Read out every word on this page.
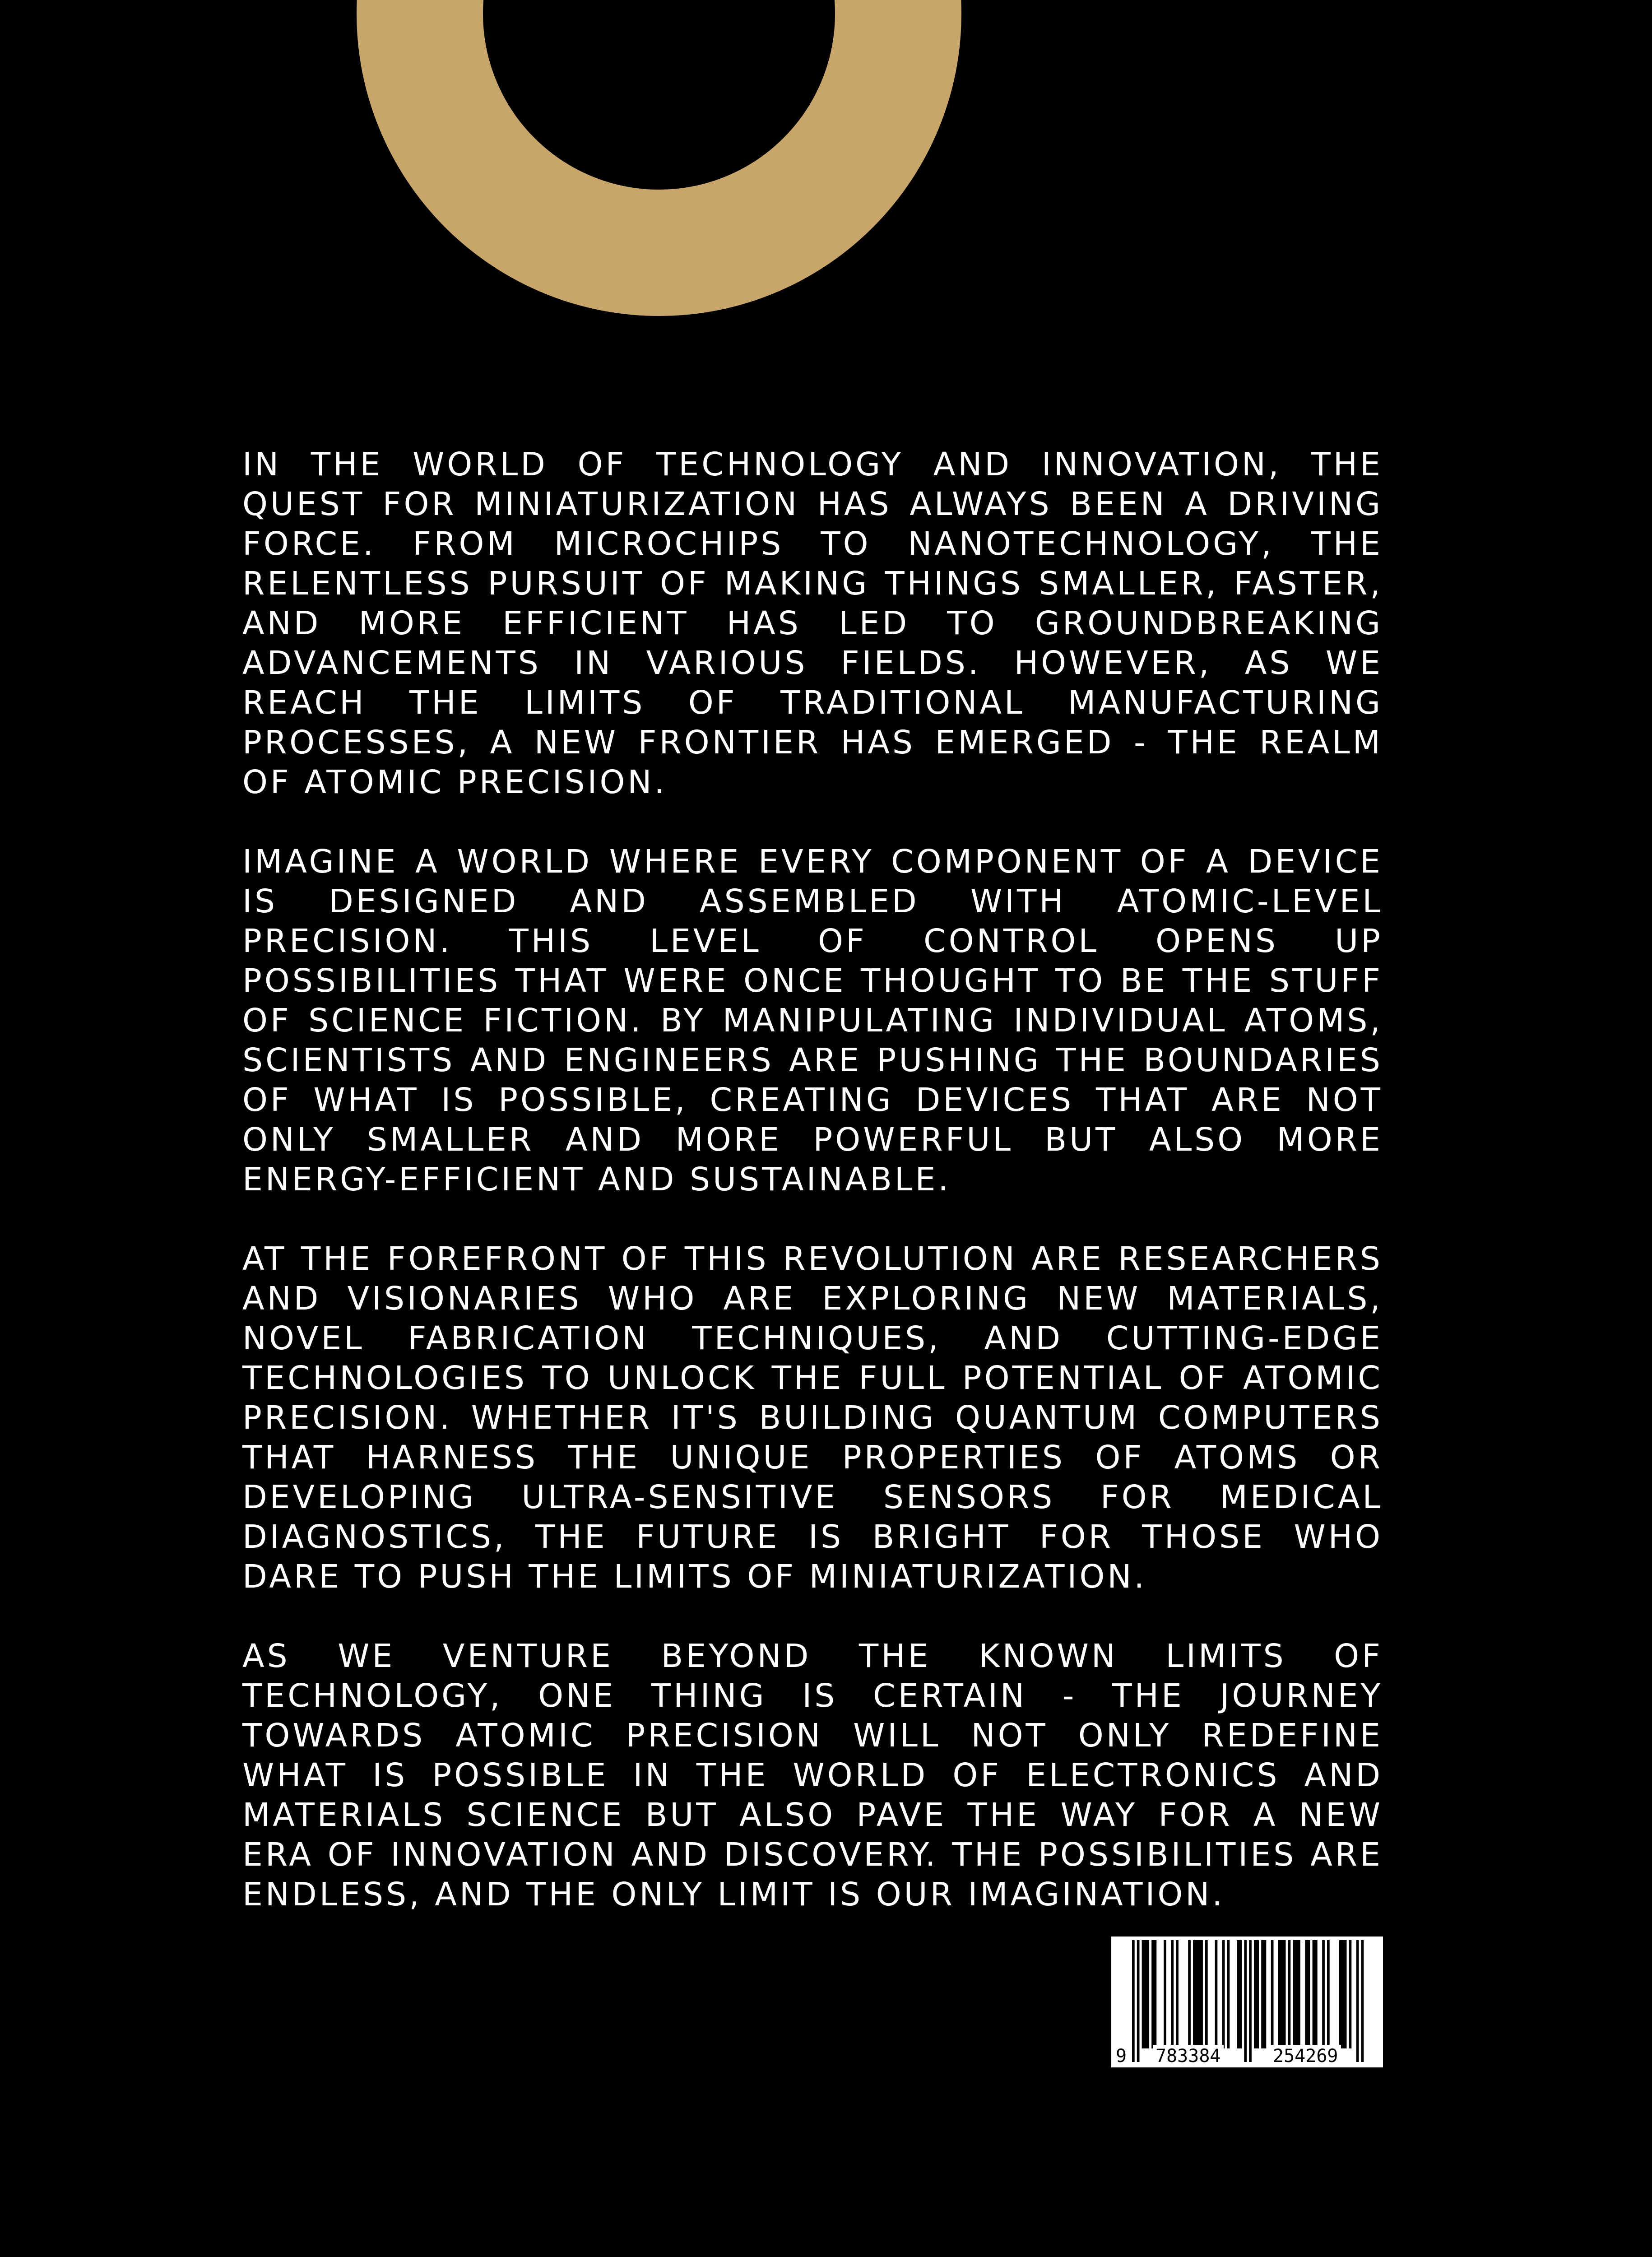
IN THE WORLD OF TECHNOLOGY AND INNOVATION, THE QUEST FOR MINIATURIZATION HAS ALWAYS BEEN A DRIVING FORCE. FROM MICROCHIPS TO NANOTECHNOLOGY, THE RELENTLESS PURSUIT OF MAKING THINGS SMALLER, FASTER, AND MORE EFFICIENT HAS LED TO GROUNDBREAKING ADVANCEMENTS IN VARIOUS FIELDS. HOWEVER, AS WE REACH THE LIMITS OF TRADITIONAL MANUFACTURING PROCESSES, A NEW FRONTIER HAS EMERGED - THE REALM OF ATOMIC PRECISION.

IMAGINE A WORLD WHERE EVERY COMPONENT OF A DEVICE IS DESIGNED AND ASSEMBLED WITH ATOMIC-LEVEL PRECISION. THIS LEVEL OF CONTROL OPENS UP POSSIBILITIES THAT WERE ONCE THOUGHT TO BE THE STUFF OF SCIENCE FICTION. BY MANIPULATING INDIVIDUAL ATOMS, SCIENTISTS AND ENGINEERS ARE PUSHING THE BOUNDARIES OF WHAT IS POSSIBLE, CREATING DEVICES THAT ARE NOT ONLY SMALLER AND MORE POWERFUL BUT ALSO MORE ENERGY-EFFICIENT AND SUSTAINABLE.

AT THE FOREFRONT OF THIS REVOLUTION ARE RESEARCHERS AND VISIONARIES WHO ARE EXPLORING NEW MATERIALS, NOVEL FABRICATION TECHNIQUES, AND CUTTING-EDGE TECHNOLOGIES TO UNLOCK THE FULL POTENTIAL OF ATOMIC PRECISION. WHETHER IT'S BUILDING QUANTUM COMPUTERS THAT HARNESS THE UNIQUE PROPERTIES OF ATOMS OR DEVELOPING ULTRA-SENSITIVE SENSORS FOR MEDICAL DIAGNOSTICS, THE FUTURE IS BRIGHT FOR THOSE WHO DARE TO PUSH THE LIMITS OF MINIATURIZATION.

AS WE VENTURE BEYOND THE KNOWN LIMITS OF TECHNOLOGY, ONE THING IS CERTAIN - THE JOURNEY TOWARDS ATOMIC PRECISION WILL NOT ONLY REDEFINE WHAT IS POSSIBLE IN THE WORLD OF ELECTRONICS AND MATERIALS SCIENCE BUT ALSO PAVE THE WAY FOR A NEW ERA OF INNOVATION AND DISCOVERY. THE POSSIBILITIES ARE ENDLESS, AND THE ONLY LIMIT IS OUR IMAGINATION.

9 783384	254269
